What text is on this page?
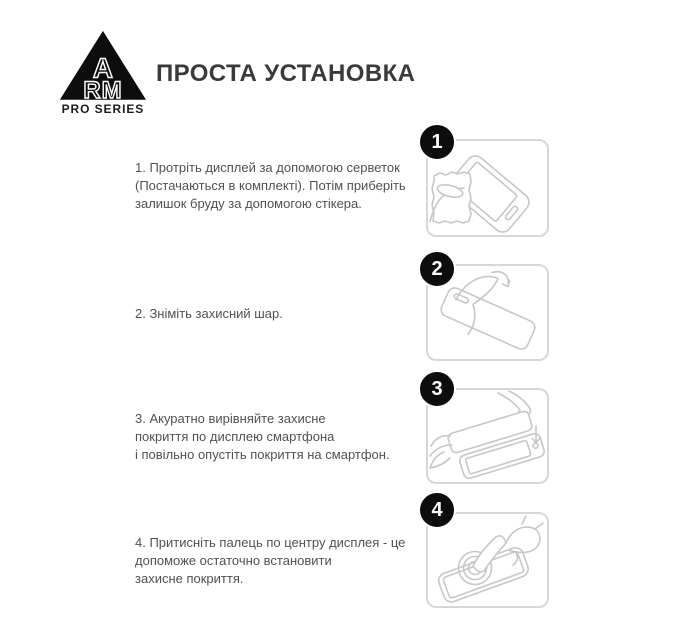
A
RM
PRO SERIES
ПРОСТА УСТАНОВКА
1
1. Протріть дисплей за допомогою серветок
(Постачаються в комплекті). Потім приберіть
залишок бруду за допомогою стікера.
2
2. Зніміть захисний шар.
3
3. Акуратно вирівняйте захисне
покриття по дисплею смартфона
і повільно опустіть покриття на смартфон.
4
4. Притисніть палець по центру дисплея - це
допоможе остаточно встановити
захисне покриття.
